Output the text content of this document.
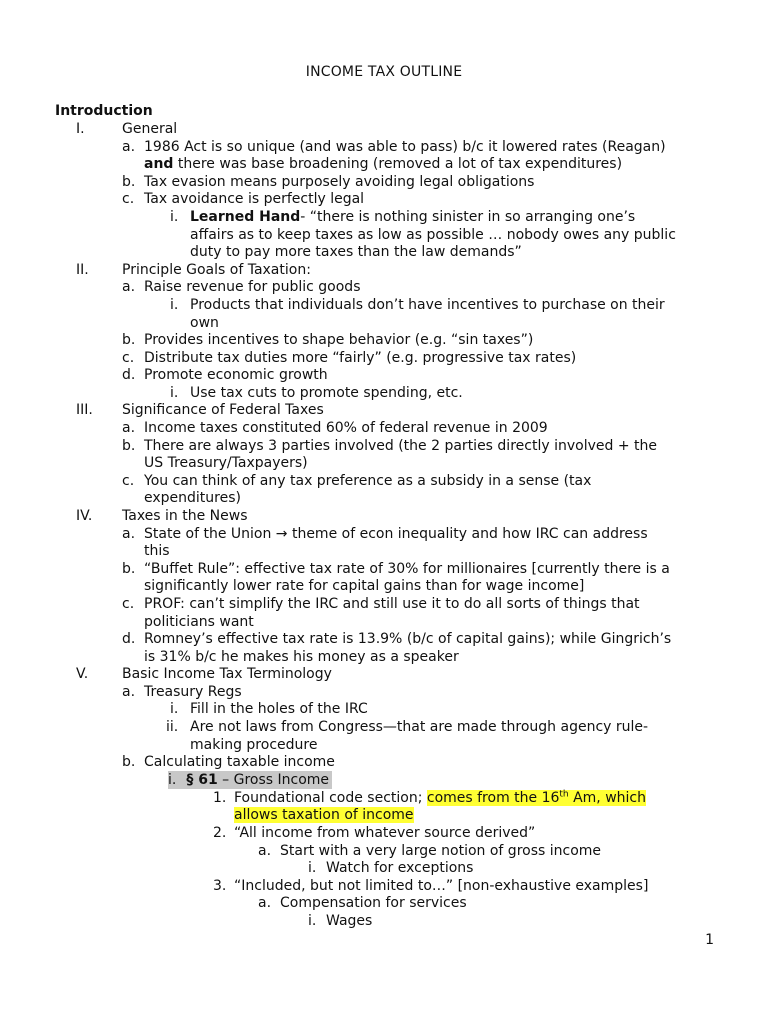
INCOME TAX OUTLINE
Introduction
I.	General
a. 1986 Act is so unique (and was able to pass) b/c it lowered rates (Reagan)
and there was base broadening (removed a lot of tax expenditures)
b. Tax evasion means purposely avoiding legal obligations
c. Tax avoidance is perfectly legal
i. Learned Hand- “there is nothing sinister in so arranging one’s
affairs as to keep taxes as low as possible … nobody owes any public
duty to pay more taxes than the law demands”
II. Principle Goals of Taxation:
a. Raise revenue for public goods
i. Products that individuals don’t have incentives to purchase on their
own
b. Provides incentives to shape behavior (e.g. “sin taxes”)
c. Distribute tax duties more “fairly” (e.g. progressive tax rates)
d. Promote economic growth
i. Use tax cuts to promote spending, etc.
III. Significance of Federal Taxes
a. Income taxes constituted 60% of federal revenue in 2009
b. There are always 3 parties involved (the 2 parties directly involved + the
US Treasury/Taxpayers)
c. You can think of any tax preference as a subsidy in a sense (tax
expenditures)
IV. Taxes in the News
a. State of the Union → theme of econ inequality and how IRC can address
this
b. “Buffet Rule”: effective tax rate of 30% for millionaires [currently there is a
significantly lower rate for capital gains than for wage income]
c. PROF: can’t simplify the IRC and still use it to do all sorts of things that
politicians want
d. Romney’s effective tax rate is 13.9% (b/c of capital gains); while Gingrich’s
is 31% b/c he makes his money as a speaker
V. Basic Income Tax Terminology
a. Treasury Regs
i. Fill in the holes of the IRC
ii. Are not laws from Congress—that are made through agency rule-
making procedure
b. Calculating taxable income
i. § 61 – Gross Income
1. Foundational code section; comes from the 16th Am, which
allows taxation of income
2. “All income from whatever source derived”
a. Start with a very large notion of gross income
i. Watch for exceptions
3. “Included, but not limited to…” [non-exhaustive examples]
a. Compensation for services
i. Wages
1
